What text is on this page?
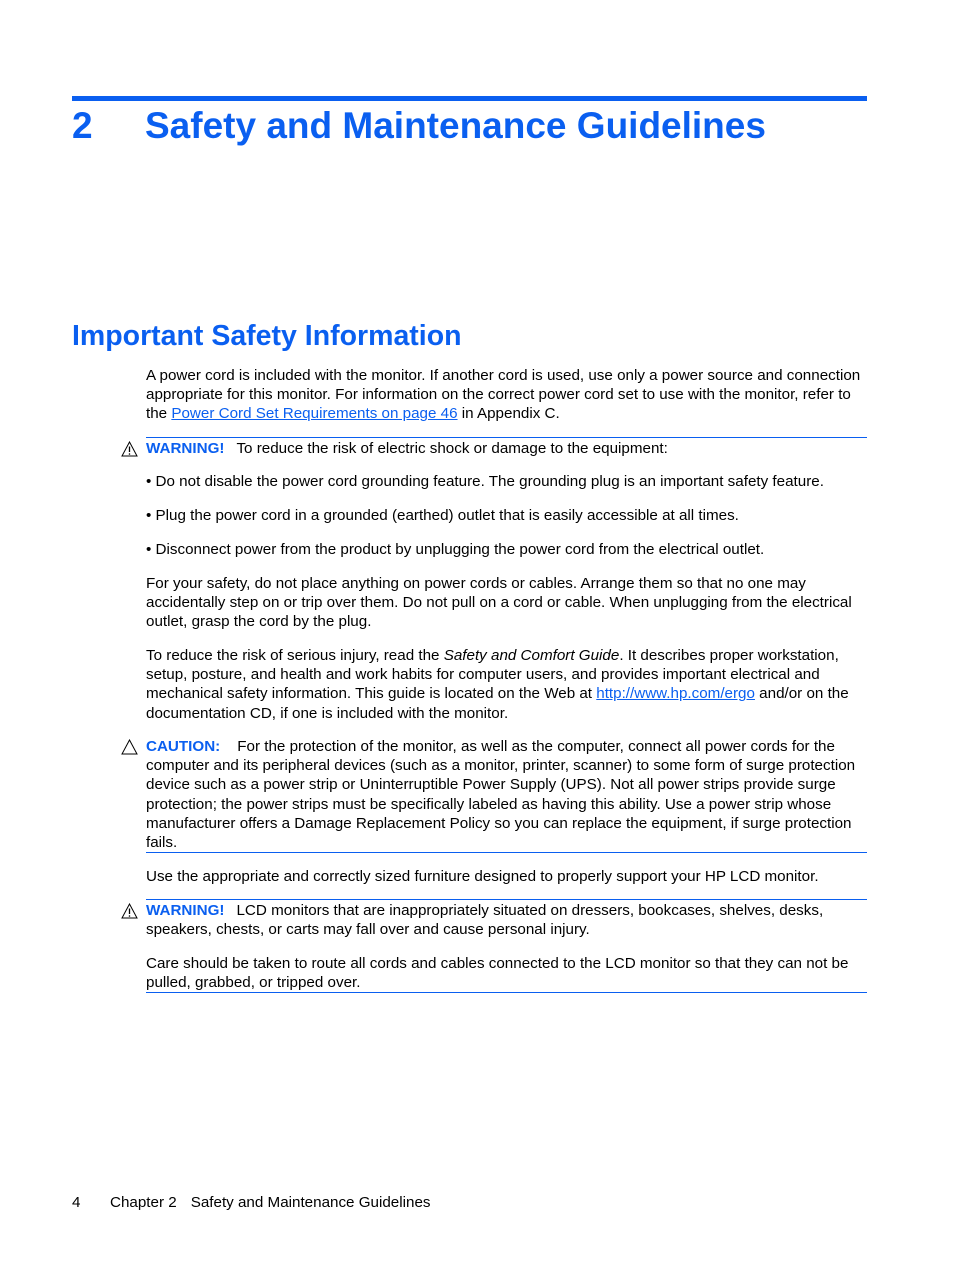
2 Safety and Maintenance Guidelines
Important Safety Information

A power cord is included with the monitor. If another cord is used, use only a power source and connection appropriate for this monitor. For information on the correct power cord set to use with the monitor, refer to the Power Cord Set Requirements on page 46 in Appendix C.

WARNING! To reduce the risk of electric shock or damage to the equipment:

• Do not disable the power cord grounding feature. The grounding plug is an important safety feature.
• Plug the power cord in a grounded (earthed) outlet that is easily accessible at all times.
• Disconnect power from the product by unplugging the power cord from the electrical outlet.
For your safety, do not place anything on power cords or cables. Arrange them so that no one may accidentally step on or trip over them. Do not pull on a cord or cable. When unplugging from the electrical outlet, grasp the cord by the plug.

To reduce the risk of serious injury, read the Safety and Comfort Guide. It describes proper workstation, setup, posture, and health and work habits for computer users, and provides important electrical and mechanical safety information. This guide is located on the Web at http://www.hp.com/ergo and/or on the documentation CD, if one is included with the monitor.

CAUTION: For the protection of the monitor, as well as the computer, connect all power cords for the computer and its peripheral devices (such as a monitor, printer, scanner) to some form of surge protection device such as a power strip or Uninterruptible Power Supply (UPS). Not all power strips provide surge protection; the power strips must be specifically labeled as having this ability. Use a power strip whose manufacturer offers a Damage Replacement Policy so you can replace the equipment, if surge protection fails.

Use the appropriate and correctly sized furniture designed to properly support your HP LCD monitor.

WARNING! LCD monitors that are inappropriately situated on dressers, bookcases, shelves, desks, speakers, chests, or carts may fall over and cause personal injury.

Care should be taken to route all cords and cables connected to the LCD monitor so that they can not be pulled, grabbed, or tripped over.
4 Chapter 2 Safety and Maintenance Guidelines
